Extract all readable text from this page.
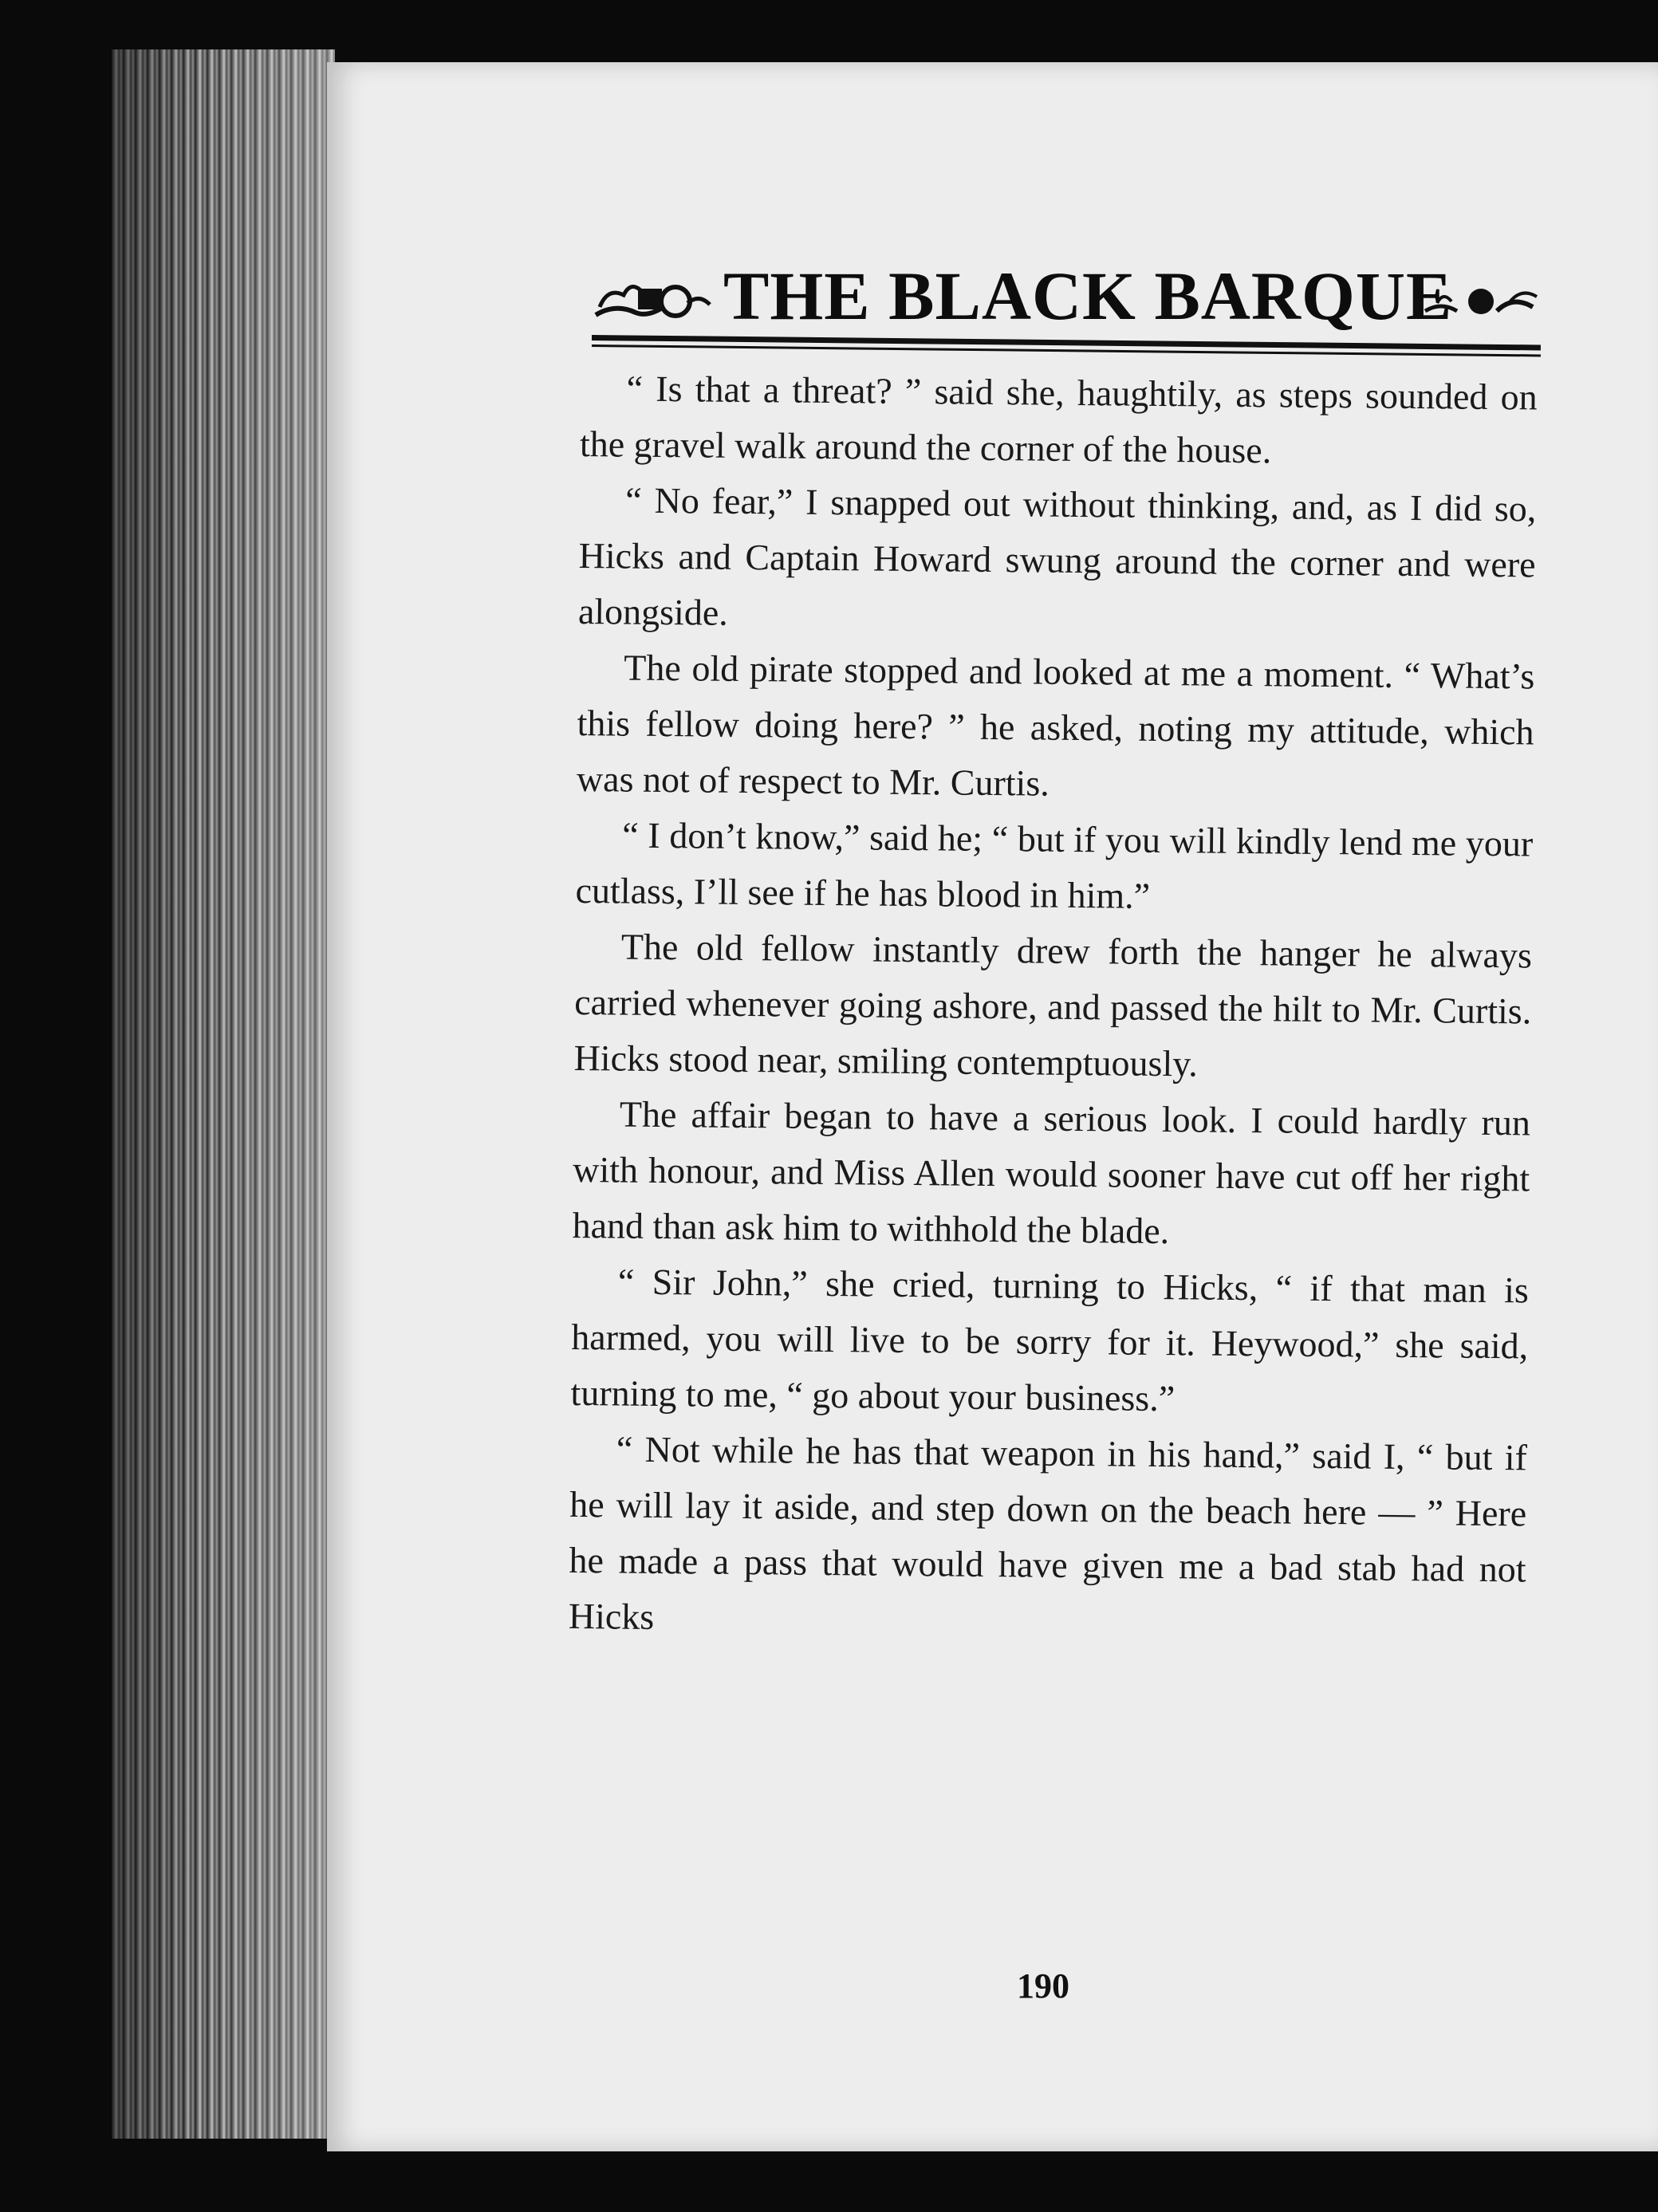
THE BLACK BARQUE

“ Is that a threat? ” said she, haughtily, as steps sounded on the gravel walk around the corner of the house.

“ No fear,” I snapped out without thinking, and, as I did so, Hicks and Captain Howard swung around the corner and were alongside.

The old pirate stopped and looked at me a moment. “ What’s this fellow doing here? ” he asked, noting my attitude, which was not of respect to Mr. Curtis.

“ I don’t know,” said he; “ but if you will kindly lend me your cutlass, I’ll see if he has blood in him.”

The old fellow instantly drew forth the hanger he always carried whenever going ashore, and passed the hilt to Mr. Curtis. Hicks stood near, smiling contemptuously.

The affair began to have a serious look. I could hardly run with honour, and Miss Allen would sooner have cut off her right hand than ask him to withhold the blade.

“ Sir John,” she cried, turning to Hicks, “ if that man is harmed, you will live to be sorry for it. Heywood,” she said, turning to me, “ go about your business.”

“ Not while he has that weapon in his hand,” said I, “ but if he will lay it aside, and step down on the beach here — ” Here he made a pass that would have given me a bad stab had not Hicks

190
